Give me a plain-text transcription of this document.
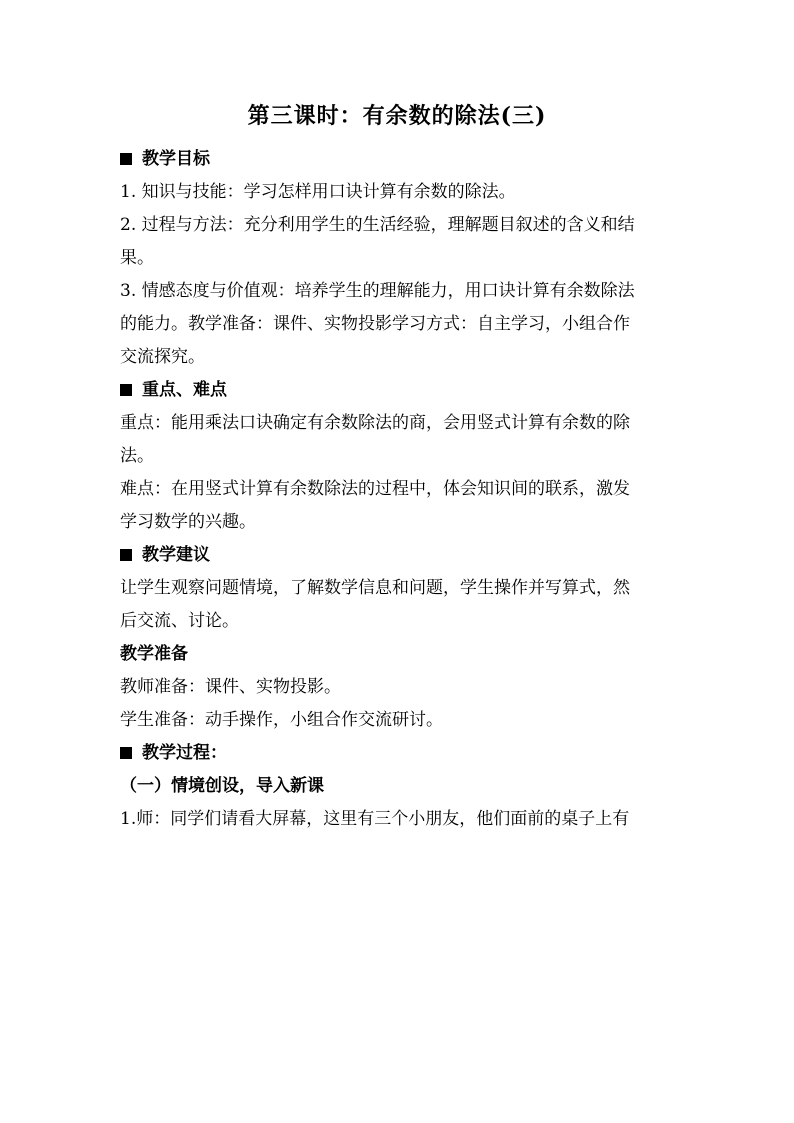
第三课时：有余数的除法(三)
教学目标
1. 知识与技能：学习怎样用口诀计算有余数的除法。
2. 过程与方法：充分利用学生的生活经验，理解题目叙述的含义和结
果。
3. 情感态度与价值观：培养学生的理解能力，用口诀计算有余数除法
的能力。教学准备：课件、实物投影学习方式：自主学习，小组合作
交流探究。
重点、难点
重点：能用乘法口诀确定有余数除法的商，会用竖式计算有余数的除
法。
难点：在用竖式计算有余数除法的过程中，体会知识间的联系，激发
学习数学的兴趣。
教学建议
让学生观察问题情境，了解数学信息和问题，学生操作并写算式，然
后交流、讨论。
教学准备
教师准备：课件、实物投影。
学生准备：动手操作，小组合作交流研讨。
教学过程：
（一）情境创设，导入新课
1.师：同学们请看大屏幕，这里有三个小朋友，他们面前的桌子上有
